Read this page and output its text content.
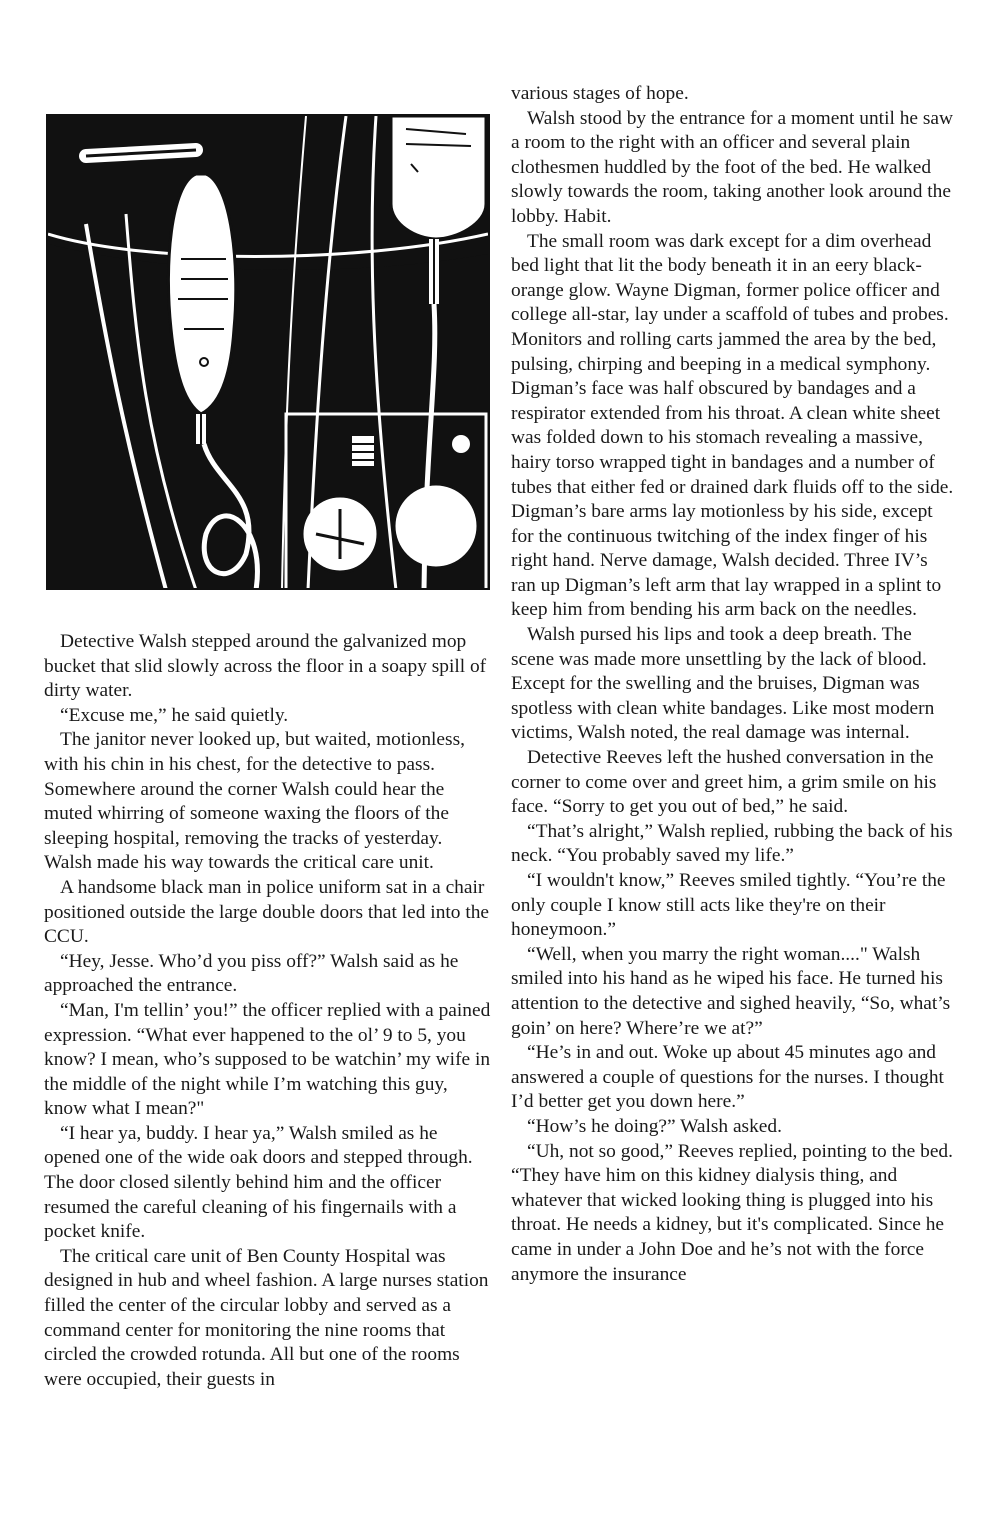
Detective Walsh stepped around the galvanized mop bucket that slid slowly across the floor in a soapy spill of dirty water.

“Excuse me,” he said quietly.

The janitor never looked up, but waited, motionless, with his chin in his chest, for the detective to pass. Somewhere around the corner Walsh could hear the muted whirring of someone waxing the floors of the sleeping hospital, removing the tracks of yesterday. Walsh made his way towards the critical care unit.

A handsome black man in police uniform sat in a chair positioned outside the large double doors that led into the CCU.

“Hey, Jesse. Who’d you piss off?” Walsh said as he approached the entrance.

“Man, I'm tellin’ you!” the officer replied with a pained expression. “What ever happened to the ol’ 9 to 5, you know? I mean, who’s supposed to be watchin’ my wife in the middle of the night while I’m watching this guy, know what I mean?"

“I hear ya, buddy. I hear ya,” Walsh smiled as he opened one of the wide oak doors and stepped through. The door closed silently behind him and the officer resumed the careful cleaning of his fingernails with a pocket knife.

The critical care unit of Ben County Hospital was designed in hub and wheel fashion. A large nurses station filled the center of the circular lobby and served as a command center for monitoring the nine rooms that circled the crowded rotunda. All but one of the rooms were occupied, their guests in

various stages of hope.

Walsh stood by the entrance for a moment until he saw a room to the right with an officer and several plain clothesmen huddled by the foot of the bed. He walked slowly towards the room, taking another look around the lobby. Habit.

The small room was dark except for a dim overhead bed light that lit the body beneath it in an eery black-orange glow. Wayne Digman, former police officer and college all-star, lay under a scaffold of tubes and probes. Monitors and rolling carts jammed the area by the bed, pulsing, chirping and beeping in a medical symphony. Digman’s face was half obscured by bandages and a respirator extended from his throat. A clean white sheet was folded down to his stomach revealing a massive, hairy torso wrapped tight in bandages and a number of tubes that either fed or drained dark fluids off to the side. Digman’s bare arms lay motionless by his side, except for the continuous twitching of the index finger of his right hand. Nerve damage, Walsh decided. Three IV’s ran up Digman’s left arm that lay wrapped in a splint to keep him from bending his arm back on the needles.

Walsh pursed his lips and took a deep breath. The scene was made more unsettling by the lack of blood. Except for the swelling and the bruises, Digman was spotless with clean white bandages. Like most modern victims, Walsh noted, the real damage was internal.

Detective Reeves left the hushed conversation in the corner to come over and greet him, a grim smile on his face. “Sorry to get you out of bed,” he said.

“That’s alright,” Walsh replied, rubbing the back of his neck. “You probably saved my life.”

“I wouldn't know,” Reeves smiled tightly. “You’re the only couple I know still acts like they're on their honeymoon.”

“Well, when you marry the right woman...." Walsh smiled into his hand as he wiped his face. He turned his attention to the detective and sighed heavily, “So, what’s goin’ on here? Where’re we at?”

“He’s in and out. Woke up about 45 minutes ago and answered a couple of questions for the nurses. I thought I’d better get you down here.”

“How’s he doing?” Walsh asked.

“Uh, not so good,” Reeves replied, pointing to the bed. “They have him on this kidney dialysis thing, and whatever that wicked looking thing is plugged into his throat. He needs a kidney, but it's complicated. Since he came in under a John Doe and he’s not with the force anymore the insurance
